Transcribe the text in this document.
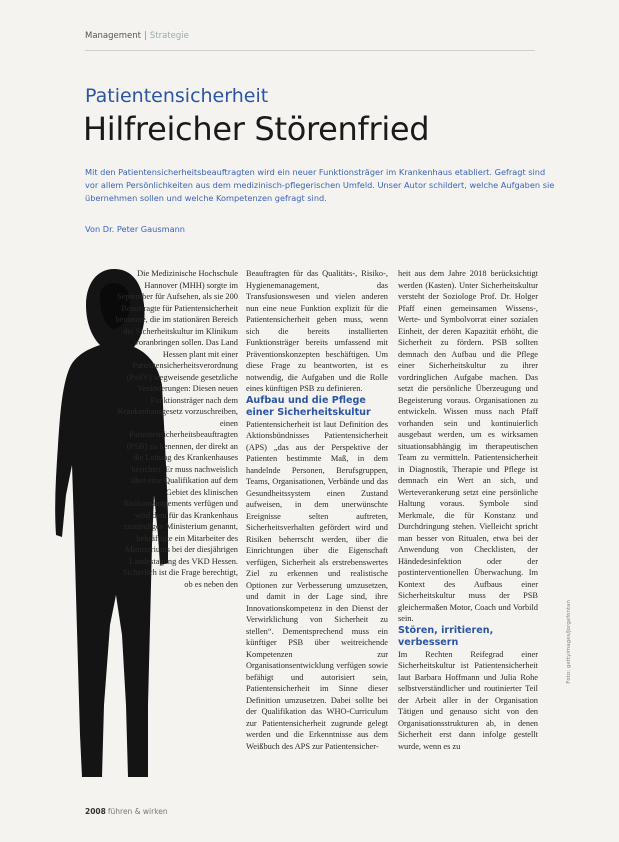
Management | Strategie
Patientensicherheit
Hilfreicher Störenfried
Mit den Patientensicherheitsbeauftragten wird ein neuer Funktionsträger im Krankenhaus etabliert. Gefragt sind vor allem Persönlichkeiten aus dem medizinisch-pflegerischen Umfeld. Unser Autor schildert, welche Aufgaben sie übernehmen sollen und welche Kompetenzen gefragt sind.
Von Dr. Peter Gausmann

Die Medizinische Hochschule Hannover (MHH) sorgte im September für Aufsehen, als sie 200 Beauftragte für Patientensicherheit benannte, die im stationären Bereich die Sicherheitskultur im Klinikum voranbringen sollen. Das Land Hessen plant mit einer Patientensicherheitsverordnung (PaSV) wegweisende gesetzliche Veränderungen: Diesen neuen Funktionsträger nach dem Krankenhausgesetz vorzuschreiben, einen Patientensicherheitsbeauftragten (PSB) zu benennen, der direkt an die Leitung des Krankenhauses berichtet. Er muss nachweislich über eine Qualifikation auf dem Gebiet des klinischen Risikomanagements verfügen und wird dem für das Krankenhaus zuständigen Ministerium genannt, bekräftigte ein Mitarbeiter des Ministeriums bei der diesjährigen Landestagung des VKD Hessen. Sicherlich ist die Frage berechtigt, ob es neben den

Beauftragten für das Qualitäts-, Risiko-, Hygienemanagement, das Transfusionswesen und vielen anderen nun eine neue Funktion explizit für die Patientensicherheit geben muss, wenn sich die bereits installierten Funktionsträger bereits umfassend mit Präventionskonzepten beschäftigen. Um diese Frage zu beantworten, ist es notwendig, die Aufgaben und die Rolle eines künftigen PSB zu definieren.

Aufbau und die Pflege einer Sicherheitskultur

Patientensicherheit ist laut Definition des Aktionsbündnisses Patientensicherheit (APS) „das aus der Perspektive der Patienten bestimmte Maß, in dem handelnde Personen, Berufsgruppen, Teams, Organisationen, Verbände und das Gesundheitssystem einen Zustand aufweisen, in dem unerwünschte Ereignisse selten auftreten, Sicherheitsverhalten gefördert wird und Risiken beherrscht werden, über die Einrichtungen über die Eigenschaft verfügen, Sicherheit als erstrebenswertes Ziel zu erkennen und realistische Optionen zur Verbesserung umzusetzen, und damit in der Lage sind, ihre Innovationskompetenz in den Dienst der Verwirklichung von Sicherheit zu stellen“. Dementsprechend muss ein künftiger PSB über weitreichende Kompetenzen zur Organisationsentwicklung verfügen sowie befähigt und autorisiert sein, Patientensicherheit im Sinne dieser Definition umzusetzen. Dabei sollte bei der Qualifikation das WHO-Curriculum zur Patientensicherheit zugrunde gelegt werden und die Erkenntnisse aus dem Weißbuch des APS zur Patientensicher-

heit aus dem Jahre 2018 berücksichtigt werden (Kasten). Unter Sicherheitskultur versteht der Soziologe Prof. Dr. Holger Pfaff einen gemeinsamen Wissens-, Werte- und Symbolvorrat einer sozialen Einheit, der deren Kapazität erhöht, die Sicherheit zu fördern. PSB sollten demnach den Aufbau und die Pflege einer Sicherheitskultur zu ihrer vordringlichen Aufgabe machen. Das setzt die persönliche Überzeugung und Begeisterung voraus. Organisationen zu entwickeln. Wissen muss nach Pfaff vorhanden sein und kontinuierlich ausgebaut werden, um es wirksamen situationsabhängig im therapeutischen Team zu vermitteln. Patientensicherheit in Diagnostik, Therapie und Pflege ist demnach ein Wert an sich, und Werteverankerung setzt eine persönliche Haltung voraus. Symbole sind Merkmale, die für Konstanz und Durchdringung stehen. Vielleicht spricht man besser von Ritualen, etwa bei der Anwendung von Checklisten, der Händedesinfektion oder der postinterventionellen Überwachung. Im Kontext des Aufbaus einer Sicherheitskultur muss der PSB gleichermaßen Motor, Coach und Vorbild sein.

Stören, irritieren, verbessern

Im Rechten Reifegrad einer Sicherheitskultur ist Patientensicherheit laut Barbara Hoffmann und Julia Rohe selbstverständlicher und routinierter Teil der Arbeit aller in der Organisation Tätigen und genauso sicht von den Organisationsstrukturen ab, in denen Sicherheit erst dann infolge gestellt wurde, wenn es zu

Foto: gettyimages/Jorgefontan
2008 führen & wirken
